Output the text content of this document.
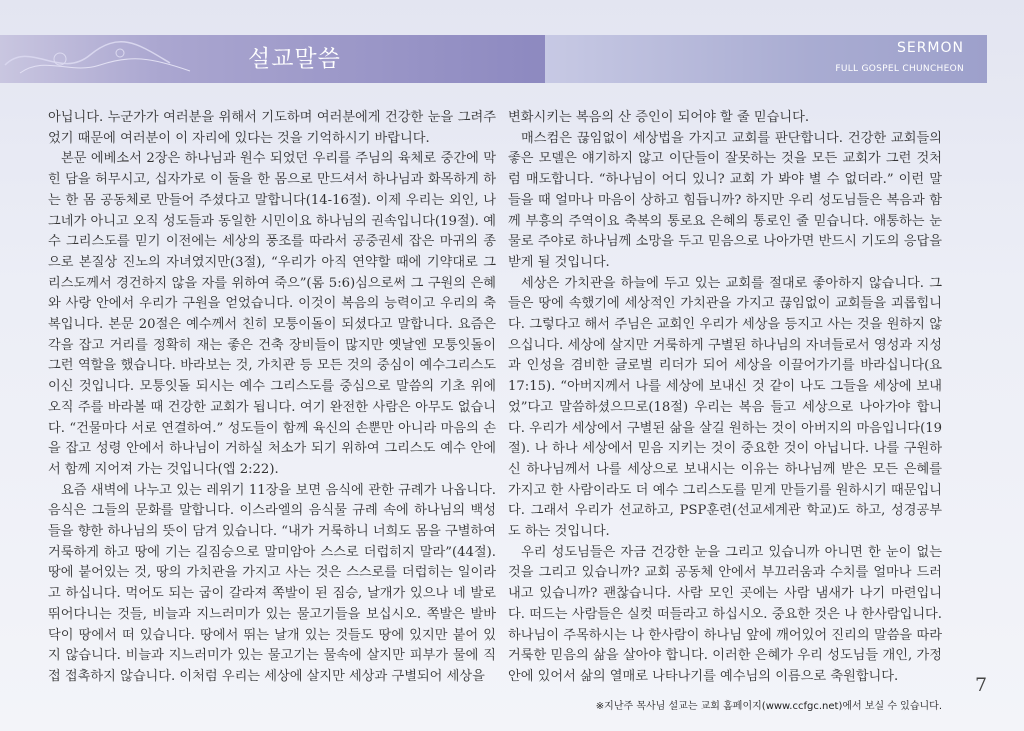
설교말씀	SERMON
FULL GOSPEL CHUNCHEON

아닙니다. 누군가가 여러분을 위해서 기도하며 여러분에게 건강한 눈을 그려주었기 때문에 여러분이 이 자리에 있다는 것을 기억하시기 바랍니다.

본문 에베소서 2장은 하나님과 원수 되었던 우리를 주님의 육체로 중간에 막힌 담을 허무시고, 십자가로 이 둘을 한 몸으로 만드셔서 하나님과 화목하게 하는 한 몸 공동체로 만들어 주셨다고 말합니다(14-16절). 이제 우리는 외인, 나그네가 아니고 오직 성도들과 동일한 시민이요 하나님의 권속입니다(19절). 예수 그리스도를 믿기 이전에는 세상의 풍조를 따라서 공중권세 잡은 마귀의 종으로 본질상 진노의 자녀였지만(3절), “우리가 아직 연약할 때에 기약대로 그리스도께서 경건하지 않을 자를 위하여 죽으”(롬 5:6)심으로써 그 구원의 은혜와 사랑 안에서 우리가 구원을 얻었습니다. 이것이 복음의 능력이고 우리의 축복입니다. 본문 20절은 예수께서 친히 모퉁이돌이 되셨다고 말합니다. 요즘은 각을 잡고 거리를 정확히 재는 좋은 건축 장비들이 많지만 옛날엔 모퉁잇돌이 그런 역할을 했습니다. 바라보는 것, 가치관 등 모든 것의 중심이 예수그리스도이신 것입니다. 모퉁잇돌 되시는 예수 그리스도를 중심으로 말씀의 기초 위에 오직 주를 바라볼 때 건강한 교회가 됩니다. 여기 완전한 사람은 아무도 없습니다. “건물마다 서로 연결하여.” 성도들이 함께 육신의 손뿐만 아니라 마음의 손을 잡고 성령 안에서 하나님이 거하실 처소가 되기 위하여 그리스도 예수 안에서 함께 지어져 가는 것입니다(엡 2:22).

요즘 새벽에 나누고 있는 레위기 11장을 보면 음식에 관한 규례가 나옵니다. 음식은 그들의 문화를 말합니다. 이스라엘의 음식물 규례 속에 하나님의 백성들을 향한 하나님의 뜻이 담겨 있습니다. “내가 거룩하니 너희도 몸을 구별하여 거룩하게 하고 땅에 기는 길짐승으로 말미암아 스스로 더럽히지 말라”(44절). 땅에 붙어있는 것, 땅의 가치관을 가지고 사는 것은 스스로를 더럽히는 일이라고 하십니다. 먹어도 되는 굽이 갈라져 쪽발이 된 짐승, 날개가 있으나 네 발로 뛰어다니는 것들, 비늘과 지느러미가 있는 물고기들을 보십시오. 쪽발은 발바닥이 땅에서 떠 있습니다. 땅에서 뛰는 날개 있는 것들도 땅에 있지만 붙어 있지 않습니다. 비늘과 지느러미가 있는 물고기는 물속에 살지만 피부가 물에 직접 접촉하지 않습니다. 이처럼 우리는 세상에 살지만 세상과 구별되어 세상을

변화시키는 복음의 산 증인이 되어야 할 줄 믿습니다.

매스컴은 끊임없이 세상법을 가지고 교회를 판단합니다. 건강한 교회들의 좋은 모델은 얘기하지 않고 이단들이 잘못하는 것을 모든 교회가 그런 것처럼 매도합니다. “하나님이 어디 있니? 교회 가 봐야 별 수 없더라.” 이런 말 들을 때 얼마나 마음이 상하고 힘듭니까? 하지만 우리 성도님들은 복음과 함께 부흥의 주역이요 축복의 통로요 은혜의 통로인 줄 믿습니다. 애통하는 눈물로 주야로 하나님께 소망을 두고 믿음으로 나아가면 반드시 기도의 응답을 받게 될 것입니다.

세상은 가치관을 하늘에 두고 있는 교회를 절대로 좋아하지 않습니다. 그들은 땅에 속했기에 세상적인 가치관을 가지고 끊임없이 교회들을 괴롭힙니다. 그렇다고 해서 주님은 교회인 우리가 세상을 등지고 사는 것을 원하지 않으십니다. 세상에 살지만 거룩하게 구별된 하나님의 자녀들로서 영성과 지성과 인성을 겸비한 글로벌 리더가 되어 세상을 이끌어가기를 바라십니다(요 17:15). “아버지께서 나를 세상에 보내신 것 같이 나도 그들을 세상에 보내었”다고 말씀하셨으므로(18절) 우리는 복음 들고 세상으로 나아가야 합니다. 우리가 세상에서 구별된 삶을 살길 원하는 것이 아버지의 마음입니다(19절). 나 하나 세상에서 믿음 지키는 것이 중요한 것이 아닙니다. 나를 구원하신 하나님께서 나를 세상으로 보내시는 이유는 하나님께 받은 모든 은혜를 가지고 한 사람이라도 더 예수 그리스도를 믿게 만들기를 원하시기 때문입니다. 그래서 우리가 선교하고, PSP훈련(선교세계관 학교)도 하고, 성경공부도 하는 것입니다.

우리 성도님들은 자금 건강한 눈을 그리고 있습니까 아니면 한 눈이 없는 것을 그리고 있습니까? 교회 공동체 안에서 부끄러움과 수치를 얼마나 드러내고 있습니까? 괜찮습니다. 사람 모인 곳에는 사람 냄새가 나기 마련입니다. 떠드는 사람들은 실컷 떠들라고 하십시오. 중요한 것은 나 한사람입니다. 하나님이 주목하시는 나 한사람이 하나님 앞에 깨어있어 진리의 말씀을 따라 거룩한 믿음의 삶을 살아야 합니다. 이러한 은혜가 우리 성도님들 개인, 가정 안에 있어서 삶의 열매로 나타나기를 예수님의 이름으로 축원합니다.	7
※지난주 목사님 설교는 교회 홈페이지(www.ccfgc.net)에서 보실 수 있습니다.
